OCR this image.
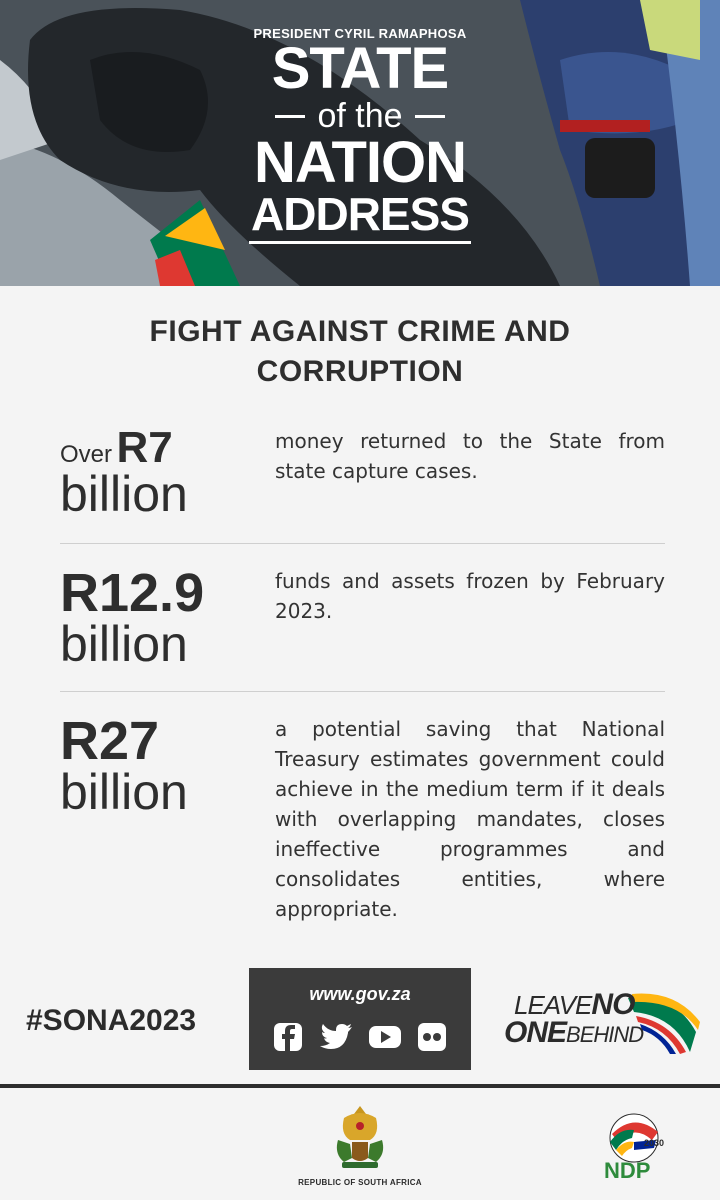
PRESIDENT CYRIL RAMAPHOSA
STATE
of the
NATION
ADDRESS
FIGHT AGAINST CRIME AND
CORRUPTION
Over R7
billion
money returned to the State from state capture cases.
R12.9
billion
funds and assets frozen by February 2023.
R27
billion
a potential saving that National Treasury estimates government could achieve in the medium term if it deals with overlapping mandates, closes ineffective programmes and consolidates entities, where appropriate.
#SONA2023
www.gov.za	LEAVENO
ONEBEHIND
REPUBLIC OF SOUTH AFRICA
2030
NDP
